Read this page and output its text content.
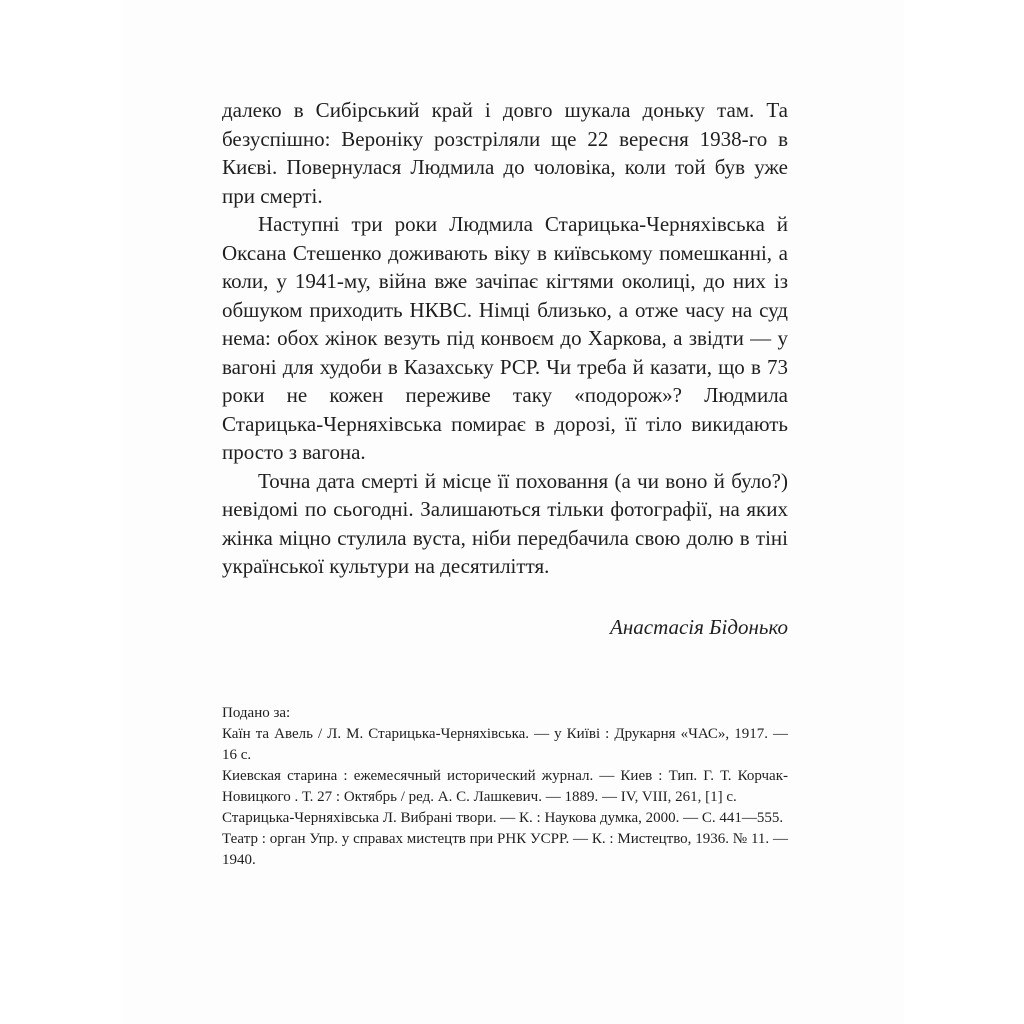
далеко в Сибірський край і довго шукала доньку там. Та безуспішно: Вероніку розстріляли ще 22 вересня 1938-го в Києві. Повернулася Людмила до чоловіка, коли той був уже при смерті.

Наступні три роки Людмила Старицька-Черняхівська й Оксана Стешенко доживають віку в київському помешканні, а коли, у 1941-му, війна вже зачіпає кігтями околиці, до них із обшуком приходить НКВС. Німці близько, а отже часу на суд нема: обох жінок везуть під конвоєм до Харкова, а звідти — у вагоні для худоби в Казахську РСР. Чи треба й казати, що в 73 роки не кожен переживе таку «подорож»? Людмила Старицька-Черняхівська помирає в дорозі, її тіло викидають просто з вагона.

Точна дата смерті й місце її поховання (а чи воно й було?) невідомі по сьогодні. Залишаються тільки фотографії, на яких жінка міцно стулила вуста, ніби передбачила свою долю в тіні української культури на десятиліття.

Анастасія Бідонько

Подано за:

Каїн та Авель / Л. М. Старицька-Черняхівська. — у Київі : Друкарня «ЧАС», 1917. — 16 с.

Киевская старина : ежемесячный исторический журнал. — Киев : Тип. Г. Т. Корчак-Новицкого . Т. 27 : Октябрь / ред. А. С. Лашкевич. — 1889. — IV, VIII, 261, [1] с.

Старицька-Черняхівська Л. Вибрані твори. — К. : Наукова думка, 2000. — С. 441—555.

Театр : орган Упр. у справах мистецтв при РНК УСРР. — К. : Мистецтво, 1936. № 11. — 1940.
